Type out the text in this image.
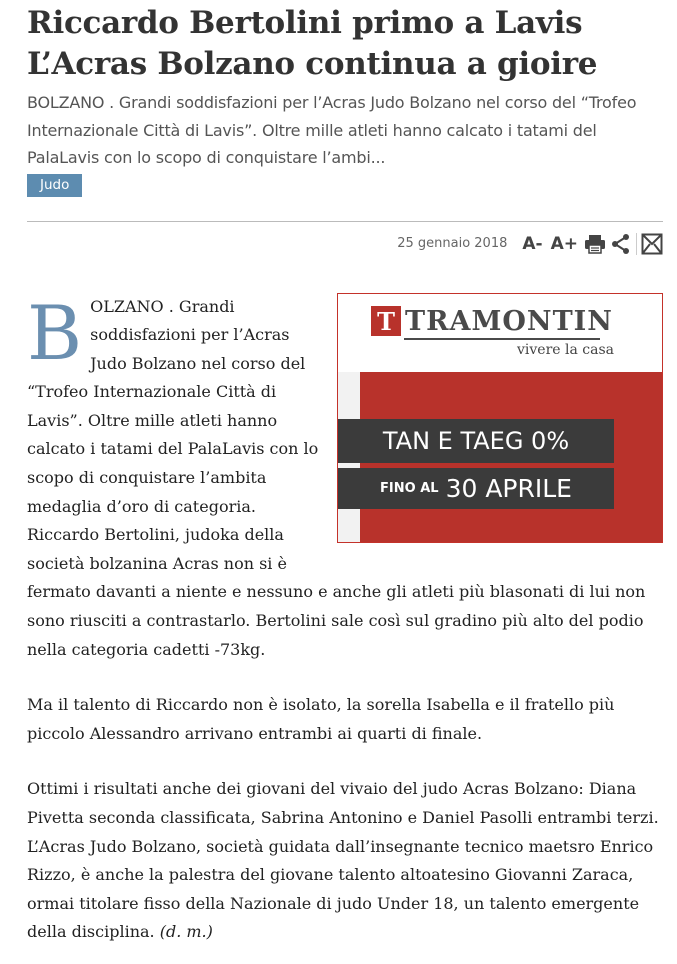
Riccardo Bertolini primo a Lavis L’Acras Bolzano continua a gioire

BOLZANO . Grandi soddisfazioni per l’Acras Judo Bolzano nel corso del “Trofeo Internazionale Città di Lavis”. Oltre mille atleti hanno calcato i tatami del PalaLavis con lo scopo di conquistare l’ambi...

Judo
25 gennaio 2018 A- A+
T TRAMONTIN
vivere la casa
TAN E TAEG 0%
FINO AL 30 APRILE

BOLZANO . Grandi soddisfazioni per l’Acras Judo Bolzano nel corso del “Trofeo Internazionale Città di Lavis”. Oltre mille atleti hanno calcato i tatami del PalaLavis con lo scopo di conquistare l’ambita medaglia d’oro di categoria. Riccardo Bertolini, judoka della società bolzanina Acras non si è fermato davanti a niente e nessuno e anche gli atleti più blasonati di lui non sono riusciti a contrastarlo. Bertolini sale così sul gradino più alto del podio nella categoria cadetti -73kg.

Ma il talento di Riccardo non è isolato, la sorella Isabella e il fratello più piccolo Alessandro arrivano entrambi ai quarti di finale.

Ottimi i risultati anche dei giovani del vivaio del judo Acras Bolzano: Diana Pivetta seconda classificata, Sabrina Antonino e Daniel Pasolli entrambi terzi. L’Acras Judo Bolzano, società guidata dall’insegnante tecnico maetsro Enrico Rizzo, è anche la palestra del giovane talento altoatesino Giovanni Zaraca, ormai titolare fisso della Nazionale di judo Under 18, un talento emergente della disciplina. (d. m.)
